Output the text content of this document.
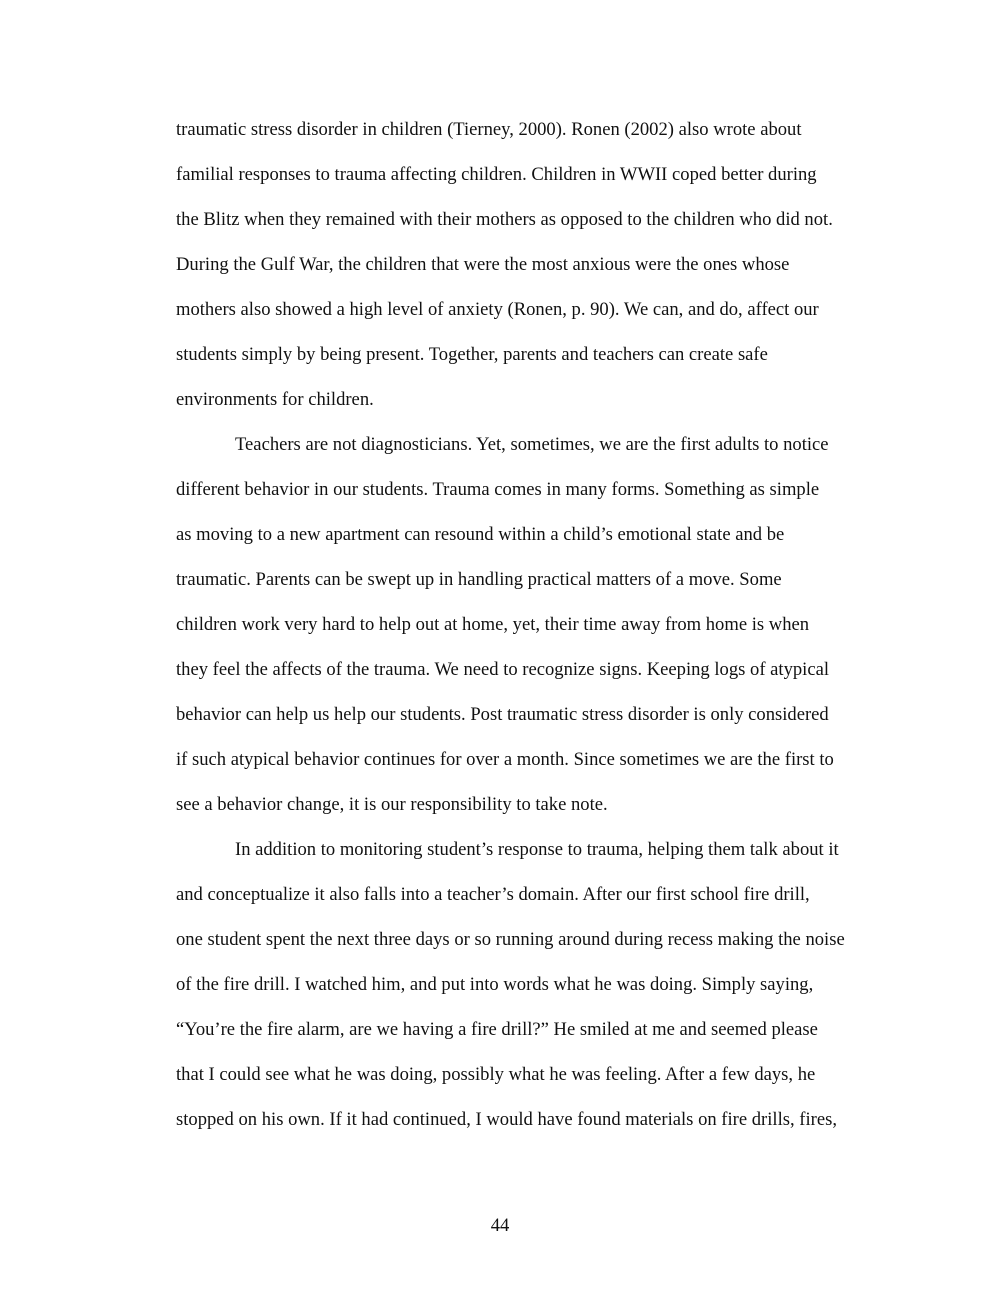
traumatic stress disorder in children (Tierney, 2000). Ronen (2002) also wrote about
familial responses to trauma affecting children. Children in WWII coped better during
the Blitz when they remained with their mothers as opposed to the children who did not.
During the Gulf War, the children that were the most anxious were the ones whose
mothers also showed a high level of anxiety (Ronen, p. 90). We can, and do, affect our
students simply by being present. Together, parents and teachers can create safe
environments for children.
Teachers are not diagnosticians. Yet, sometimes, we are the first adults to notice
different behavior in our students. Trauma comes in many forms. Something as simple
as moving to a new apartment can resound within a child’s emotional state and be
traumatic. Parents can be swept up in handling practical matters of a move. Some
children work very hard to help out at home, yet, their time away from home is when
they feel the affects of the trauma. We need to recognize signs. Keeping logs of atypical
behavior can help us help our students. Post traumatic stress disorder is only considered
if such atypical behavior continues for over a month. Since sometimes we are the first to
see a behavior change, it is our responsibility to take note.
In addition to monitoring student’s response to trauma, helping them talk about it
and conceptualize it also falls into a teacher’s domain. After our first school fire drill,
one student spent the next three days or so running around during recess making the noise
of the fire drill. I watched him, and put into words what he was doing. Simply saying,
“You’re the fire alarm, are we having a fire drill?” He smiled at me and seemed please
that I could see what he was doing, possibly what he was feeling. After a few days, he
stopped on his own. If it had continued, I would have found materials on fire drills, fires,
44
